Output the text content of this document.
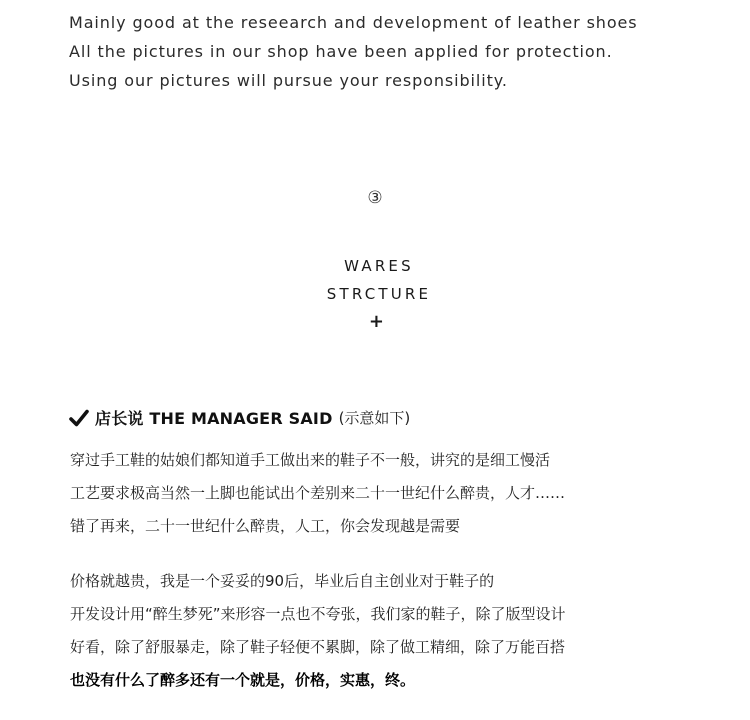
Mainly good at the reseearch and development of leather shoes
All the pictures in our shop have been applied for protection.
Using our pictures will pursue your responsibility.
③
WARES
STRCTURE
+
店长说 THE MANAGER SAID (示意如下)
穿过手工鞋的姑娘们都知道手工做出来的鞋子不一般，讲究的是细工慢活
工艺要求极高当然一上脚也能试出个差别来二十一世纪什么醉贵，人才……
错了再来，二十一世纪什么醉贵，人工，你会发现越是需要
价格就越贵，我是一个妥妥的90后，毕业后自主创业对于鞋子的
开发设计用“醉生梦死”来形容一点也不夸张，我们家的鞋子，除了版型设计
好看，除了舒服暴走，除了鞋子轻便不累脚，除了做工精细，除了万能百搭
也没有什么了醉多还有一个就是，价格，实惠，终。
